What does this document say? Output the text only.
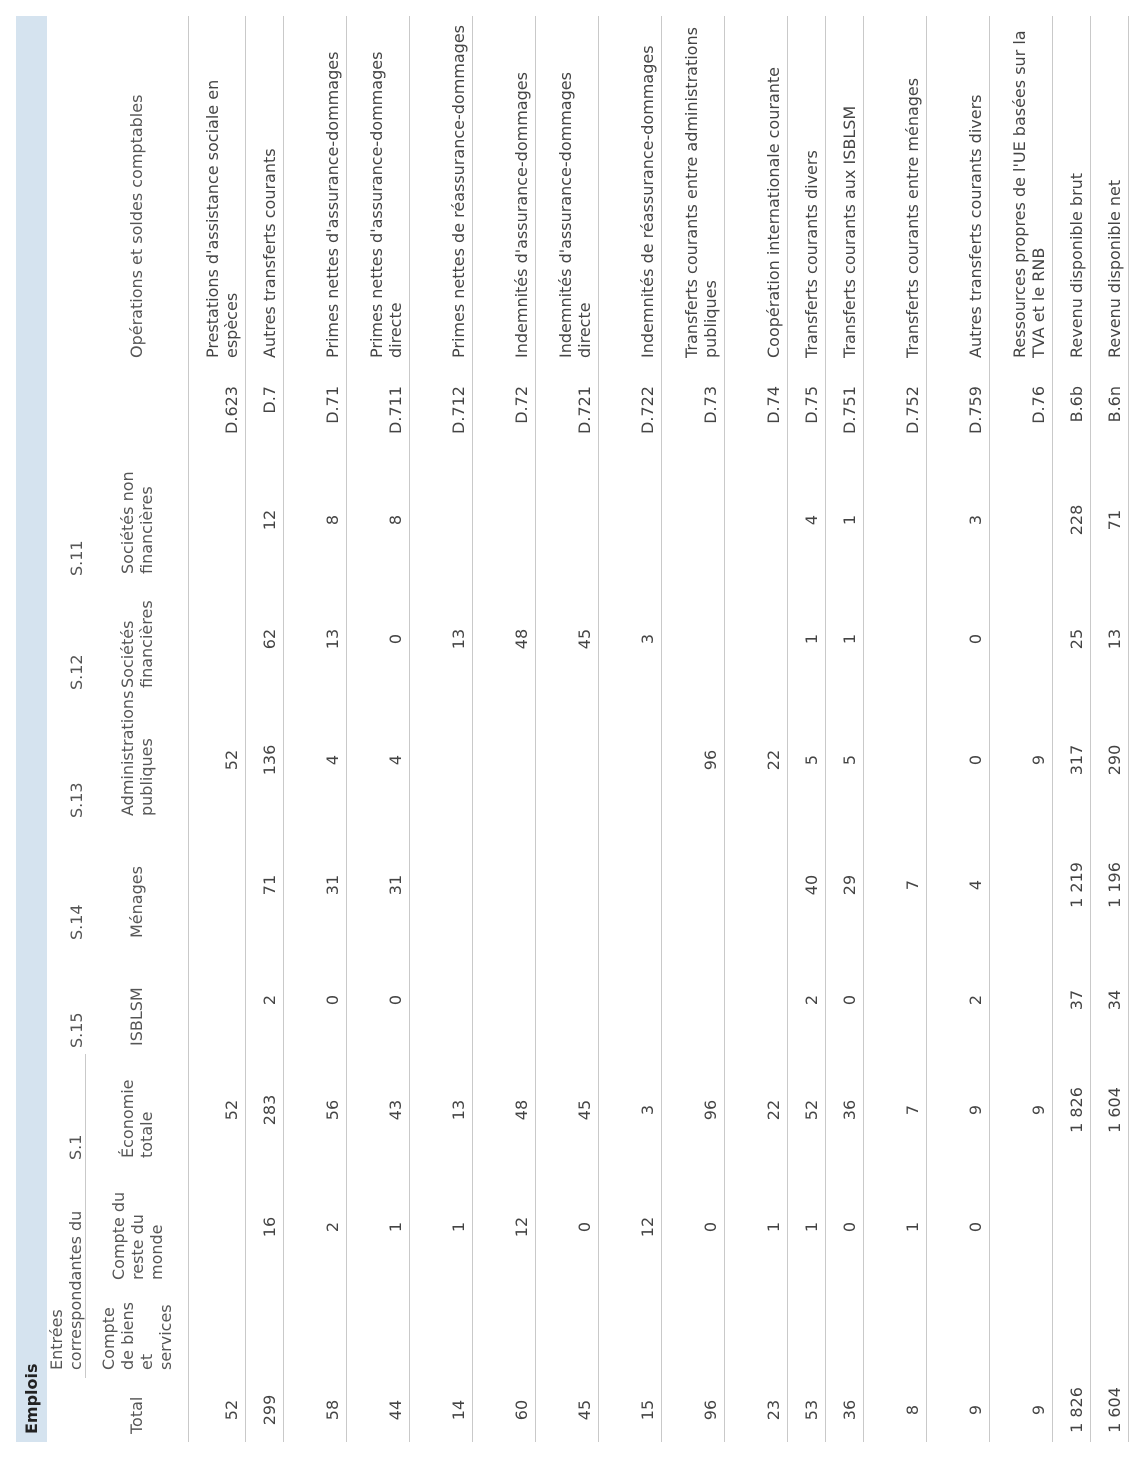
Emplois										
	Entrées correspondantes du		S.1	S.15	S.14	S.13	S.12	S.11		
Total	Compte de biens et services	Compte du reste du monde	Économie totale	ISBLSM	Ménages	Administrations publiques	Sociétés financières	Sociétés non financières		Opérations et soldes comptables
52			52			52			D.623	Prestations d'assistance sociale en espèces
299		16	283	2	71	136	62	12	D.7	Autres transferts courants
58		2	56	0	31	4	13	8	D.71	Primes nettes d'assurance-dommages
44		1	43	0	31	4	0	8	D.711	Primes nettes d'assurance-dommages directe
14		1	13				13		D.712	Primes nettes de réassurance-dommages
60		12	48				48		D.72	Indemnités d'assurance-dommages
45		0	45				45		D.721	Indemnités d'assurance-dommages directe
15		12	3				3		D.722	Indemnités de réassurance-dommages
96		0	96			96			D.73	Transferts courants entre administrations publiques
23		1	22			22			D.74	Coopération internationale courante
53		1	52	2	40	5	1	4	D.75	Transferts courants divers
36		0	36	0	29	5	1	1	D.751	Transferts courants aux ISBLSM
8		1	7		7				D.752	Transferts courants entre ménages
9		0	9	2	4	0	0	3	D.759	Autres transferts courants divers
9			9			9			D.76	Ressources propres de l'UE basées sur la TVA et le RNB
1 826			1 826	37	1 219	317	25	228	B.6b	Revenu disponible brut
1 604			1 604	34	1 196	290	13	71	B.6n	Revenu disponible net
